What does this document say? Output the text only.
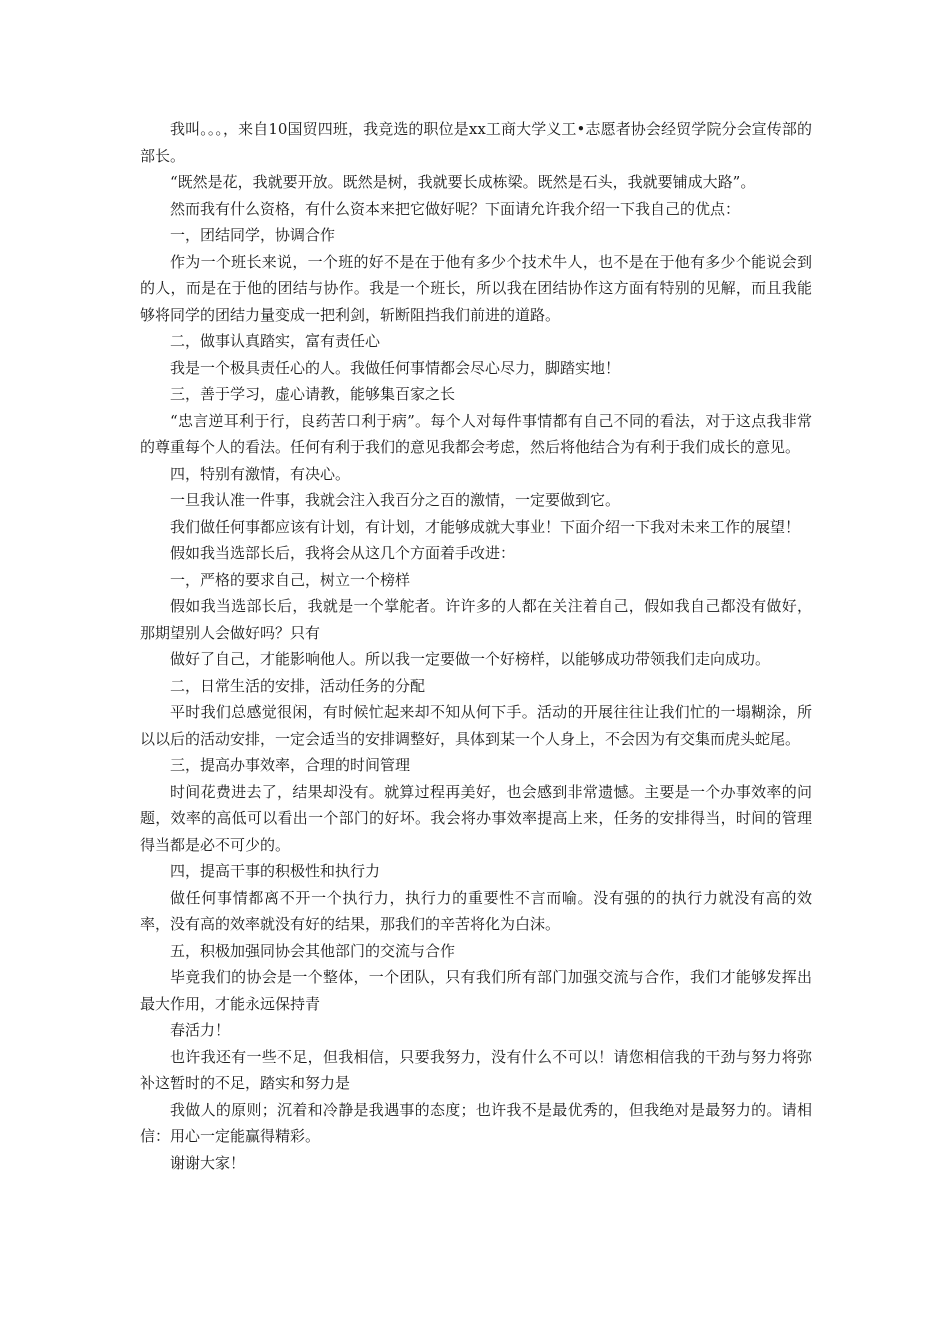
我叫。。。，来自10国贸四班，我竞选的职位是xx工商大学义工•志愿者协会经贸学院分会宣传部的部长。

“既然是花，我就要开放。既然是树，我就要长成栋梁。既然是石头，我就要铺成大路”。

然而我有什么资格，有什么资本来把它做好呢？下面请允许我介绍一下我自己的优点：

一，团结同学，协调合作

作为一个班长来说，一个班的好不是在于他有多少个技术牛人，也不是在于他有多少个能说会到的人，而是在于他的团结与协作。我是一个班长，所以我在团结协作这方面有特别的见解，而且我能够将同学的团结力量变成一把利剑，斩断阻挡我们前进的道路。

二，做事认真踏实，富有责任心

我是一个极具责任心的人。我做任何事情都会尽心尽力，脚踏实地！

三，善于学习，虚心请教，能够集百家之长

“忠言逆耳利于行，良药苦口利于病”。每个人对每件事情都有自己不同的看法，对于这点我非常的尊重每个人的看法。任何有利于我们的意见我都会考虑，然后将他结合为有利于我们成长的意见。

四，特别有激情，有决心。

一旦我认准一件事，我就会注入我百分之百的激情，一定要做到它。

我们做任何事都应该有计划，有计划，才能够成就大事业！下面介绍一下我对未来工作的展望！

假如我当选部长后，我将会从这几个方面着手改进：

一，严格的要求自己，树立一个榜样

假如我当选部长后，我就是一个掌舵者。许许多的人都在关注着自己，假如我自己都没有做好，那期望别人会做好吗？只有

做好了自己，才能影响他人。所以我一定要做一个好榜样，以能够成功带领我们走向成功。

二，日常生活的安排，活动任务的分配

平时我们总感觉很闲，有时候忙起来却不知从何下手。活动的开展往往让我们忙的一塌糊涂，所以以后的活动安排，一定会适当的安排调整好，具体到某一个人身上，不会因为有交集而虎头蛇尾。

三，提高办事效率，合理的时间管理

时间花费进去了，结果却没有。就算过程再美好，也会感到非常遗憾。主要是一个办事效率的问题，效率的高低可以看出一个部门的好坏。我会将办事效率提高上来，任务的安排得当，时间的管理得当都是必不可少的。

四，提高干事的积极性和执行力

做任何事情都离不开一个执行力，执行力的重要性不言而喻。没有强的的执行力就没有高的效率，没有高的效率就没有好的结果，那我们的辛苦将化为白沫。

五，积极加强同协会其他部门的交流与合作

毕竟我们的协会是一个整体，一个团队，只有我们所有部门加强交流与合作，我们才能够发挥出最大作用，才能永远保持青

春活力！

也许我还有一些不足，但我相信，只要我努力，没有什么不可以！请您相信我的干劲与努力将弥补这暂时的不足，踏实和努力是

我做人的原则；沉着和冷静是我遇事的态度；也许我不是最优秀的，但我绝对是最努力的。请相信：用心一定能赢得精彩。

谢谢大家！
